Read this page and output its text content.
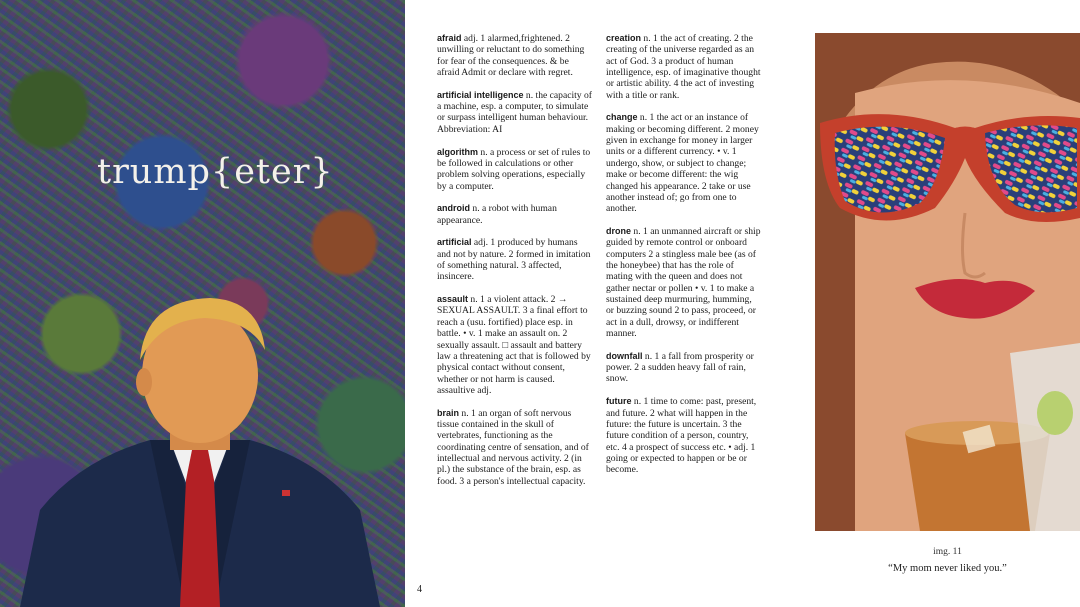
trump{eter}

afraid adj. 1 alarmed,frightened. 2 unwilling or reluctant to do something for fear of the consequences. & be afraid Admit or declare with regret.

artificial intelligence n. the capacity of a machine, esp. a computer, to simulate or surpass intelligent human behaviour. Abbreviation: AI

algorithm n. a process or set of rules to be followed in calculations or other problem solving operations, especially by a computer.

android n. a robot with human appearance.

artificial adj. 1 produced by humans and not by nature. 2 formed in imitation of something natural. 3 affected, insincere.

assault n. 1 a violent attack. 2 → SEXUAL ASSAULT. 3 a final effort to reach a (usu. fortified) place esp. in battle. • v. 1 make an assault on. 2 sexually assault. □ assault and battery law a threatening act that is followed by physical contact without consent, whether or not harm is caused. assaultive adj.

brain n. 1 an organ of soft nervous tissue contained in the skull of vertebrates, functioning as the coordinating centre of sensation, and of intellectual and nervous activity. 2 (in pl.) the substance of the brain, esp. as food. 3 a person's intellectual capacity.

creation n. 1 the act of creating. 2 the creating of the universe regarded as an act of God. 3 a product of human intelligence, esp. of imaginative thought or artistic ability. 4 the act of investing with a title or rank.

change n. 1 the act or an instance of making or becoming different. 2 money given in exchange for money in larger units or a different currency. • v. 1 undergo, show, or subject to change; make or become different: the wig changed his appearance. 2 take or use another instead of; go from one to another.

drone n. 1 an unmanned aircraft or ship guided by remote control or onboard computers 2 a stingless male bee (as of the honeybee) that has the role of mating with the queen and does not gather nectar or pollen • v. 1 to make a sustained deep murmuring, humming, or buzzing sound 2 to pass, proceed, or act in a dull, drowsy, or indifferent manner.

downfall n. 1 a fall from prosperity or power. 2 a sudden heavy fall of rain, snow.

future n. 1 time to come: past, present, and future. 2 what will happen in the future: the future is uncertain. 3 the future condition of a person, country, etc. 4 a prospect of success etc. • adj. 1 going or expected to happen or be or become.

4
img. 11
“My mom never liked you.”
